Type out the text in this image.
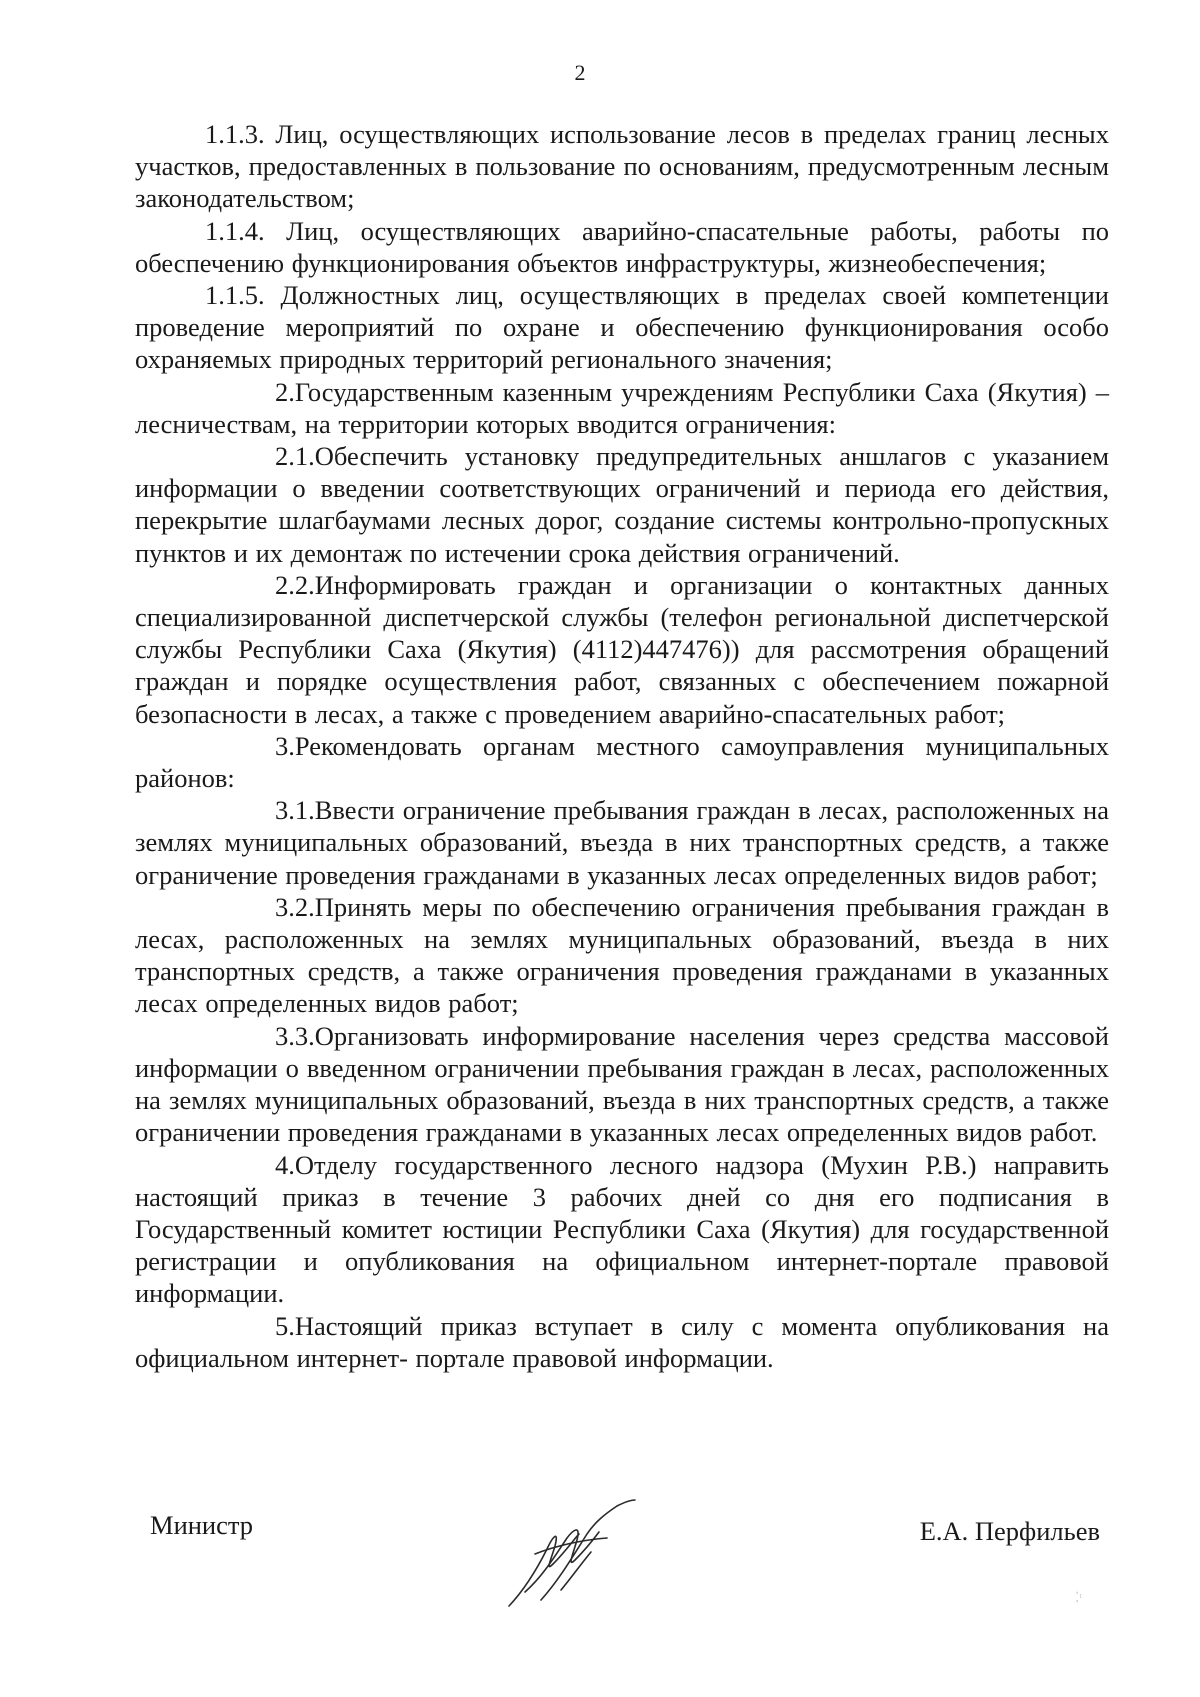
2

1.1.3. Лиц, осуществляющих использование лесов в пределах границ лесных участков, предоставленных в пользование по основаниям, предусмотренным лесным законодательством;

1.1.4. Лиц, осуществляющих аварийно-спасательные работы, работы по обеспечению функционирования объектов инфраструктуры, жизнеобеспечения;

1.1.5. Должностных лиц, осуществляющих в пределах своей компетенции проведение мероприятий по охране и обеспечению функционирования особо охраняемых природных территорий регионального значения;

2.Государственным казенным учреждениям Республики Саха (Якутия) – лесничествам, на территории которых вводится ограничения:

2.1.Обеспечить установку предупредительных аншлагов с указанием информации о введении соответствующих ограничений и периода его действия, перекрытие шлагбаумами лесных дорог, создание системы контрольно-пропускных пунктов и их демонтаж по истечении срока действия ограничений.

2.2.Информировать граждан и организации о контактных данных специализированной диспетчерской службы (телефон региональной диспетчерской службы Республики Саха (Якутия) (4112)447476)) для рассмотрения обращений граждан и порядке осуществления работ, связанных с обеспечением пожарной безопасности в лесах, а также с проведением аварийно-спасательных работ;

3.Рекомендовать органам местного самоуправления муниципальных районов:

3.1.Ввести ограничение пребывания граждан в лесах, расположенных на землях муниципальных образований, въезда в них транспортных средств, а также ограничение проведения гражданами в указанных лесах определенных видов работ;

3.2.Принять меры по обеспечению ограничения пребывания граждан в лесах, расположенных на землях муниципальных образований, въезда в них транспортных средств, а также ограничения проведения гражданами в указанных лесах определенных видов работ;

3.3.Организовать информирование населения через средства массовой информации о введенном ограничении пребывания граждан в лесах, расположенных на землях муниципальных образований, въезда в них транспортных средств, а также ограничении проведения гражданами в указанных лесах определенных видов работ.

4.Отделу государственного лесного надзора (Мухин Р.В.) направить настоящий приказ в течение 3 рабочих дней со дня его подписания в Государственный комитет юстиции Республики Саха (Якутия) для государственной регистрации и опубликования на официальном интернет-портале правовой информации.

5.Настоящий приказ вступает в силу с момента опубликования на официальном интернет- портале правовой информации.

Министр	Е.А. Перфильев
⁚ᶦ
